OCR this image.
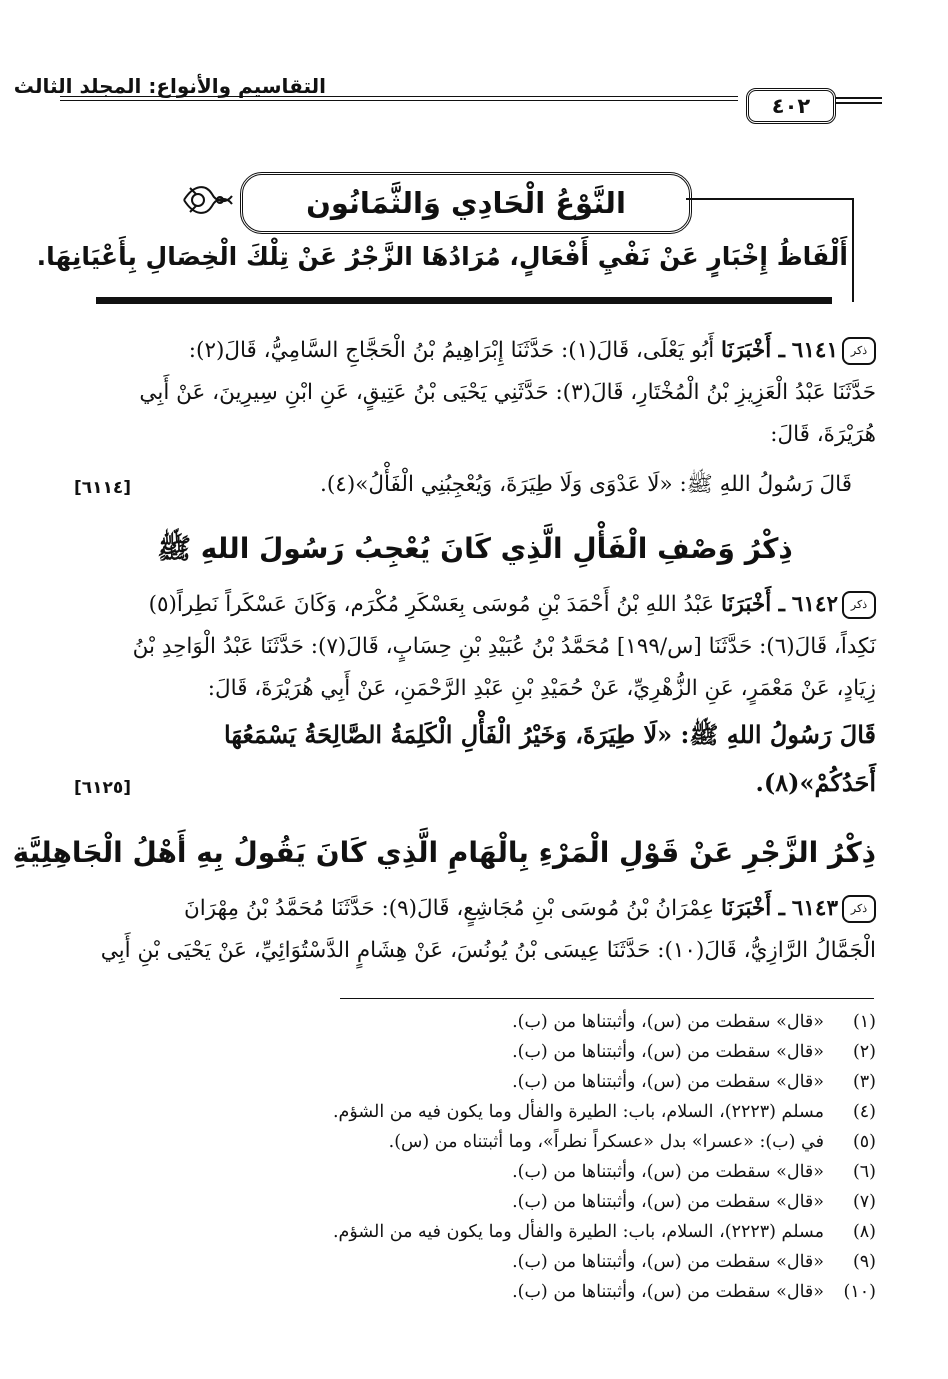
التقاسيم والأنواع: المجلد الثالث
٤٠٢
النَّوْعُ الْحَادِي وَالثَّمَانُون
أَلْفَاظُ إِخْبَارٍ عَنْ نَفْيِ أَفْعَالٍ، مُرَادُهَا الزَّجْرُ عَنْ تِلْكَ الْخِصَالِ بِأَعْيَانِهَا.
ذكر٦١٤١ ـ أَخْبَرَنَا أَبُو يَعْلَى، قَالَ(١): حَدَّثَنَا إِبْرَاهِيمُ بْنُ الْحَجَّاجِ السَّامِيُّ، قَالَ(٢):
حَدَّثَنَا عَبْدُ الْعَزِيزِ بْنُ الْمُخْتَارِ، قَالَ(٣): حَدَّثَنِي يَحْيَى بْنُ عَتِيقٍ، عَنِ ابْنِ سِيرِينَ، عَنْ أَبِي
هُرَيْرَةَ، قَالَ:
قَالَ رَسُولُ اللهِ ﷺ: «لَا عَدْوَى وَلَا طِيَرَةَ، وَيُعْجِبُنِي الْفَأْلُ»(٤).
[٦١١٤]
ذِكْرُ وَصْفِ الْفَأْلِ الَّذِي كَانَ يُعْجِبُ رَسُولَ اللهِ ﷺ
ذكر٦١٤٢ ـ أَخْبَرَنَا عَبْدُ اللهِ بْنُ أَحْمَدَ بْنِ مُوسَى بِعَسْكَرِ مُكْرَم، وَكَانَ عَسْكَراً نَطِراً(٥)
نَكِداً، قَالَ(٦): حَدَّثَنَا [س/١٩٩] مُحَمَّدُ بْنُ عُبَيْدِ بْنِ حِسَابٍ، قَالَ(٧): حَدَّثَنَا عَبْدُ الْوَاحِدِ بْنُ
زِيَادٍ، عَنْ مَعْمَرٍ، عَنِ الزُّهْرِيِّ، عَنْ حُمَيْدِ بْنِ عَبْدِ الرَّحْمَنِ، عَنْ أَبِي هُرَيْرَةَ، قَالَ:
قَالَ رَسُولُ اللهِ ﷺ: «لَا طِيَرَةَ، وَخَيْرُ الْفَأْلِ الْكَلِمَةُ الصَّالِحَةُ يَسْمَعُهَا
أَحَدُكُمْ»(٨).
[٦١٢٥]
ذِكْرُ الزَّجْرِ عَنْ قَوْلِ الْمَرْءِ بِالْهَامِ الَّذِي كَانَ يَقُولُ بِهِ أَهْلُ الْجَاهِلِيَّةِ
ذكر٦١٤٣ ـ أَخْبَرَنَا عِمْرَانُ بْنُ مُوسَى بْنِ مُجَاشِعٍ، قَالَ(٩): حَدَّثَنَا مُحَمَّدُ بْنُ مِهْرَانَ
الْجَمَّالُ الرَّازِيُّ، قَالَ(١٠): حَدَّثَنَا عِيسَى بْنُ يُونُسَ، عَنْ هِشَامٍ الدَّسْتُوَائِيِّ، عَنْ يَحْيَى بْنِ أَبِي
(١)«قال» سقطت من (س)، وأثبتناها من (ب).
(٢)«قال» سقطت من (س)، وأثبتناها من (ب).
(٣)«قال» سقطت من (س)، وأثبتناها من (ب).
(٤)مسلم (٢٢٢٣)، السلام، باب: الطيرة والفأل وما يكون فيه من الشؤم.
(٥)في (ب): «عسرا» بدل «عسكراً نطراً»، وما أثبتناه من (س).
(٦)«قال» سقطت من (س)، وأثبتناها من (ب).
(٧)«قال» سقطت من (س)، وأثبتناها من (ب).
(٨)مسلم (٢٢٢٣)، السلام، باب: الطيرة والفأل وما يكون فيه من الشؤم.
(٩)«قال» سقطت من (س)، وأثبتناها من (ب).
(١٠)«قال» سقطت من (س)، وأثبتناها من (ب).
